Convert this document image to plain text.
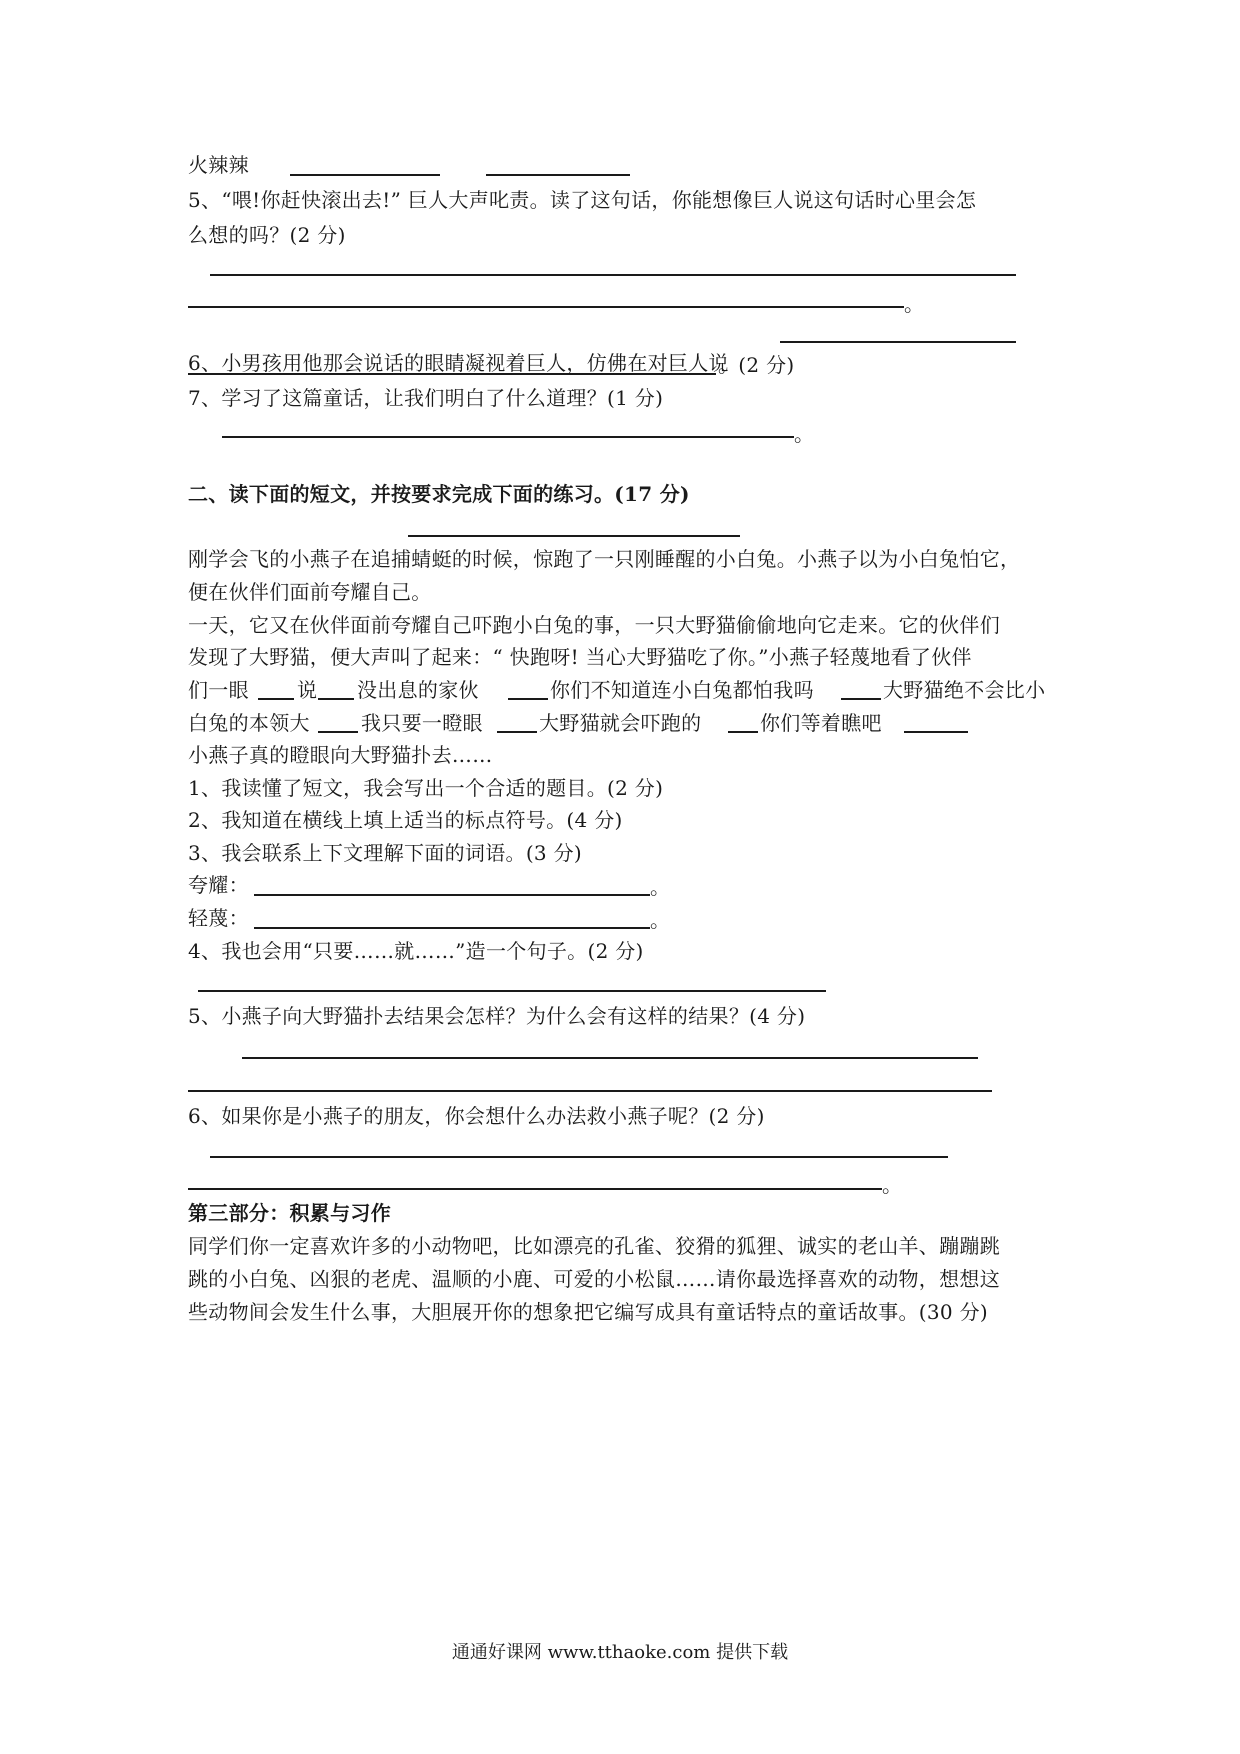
火辣辣
5、“喂!你赶快滚出去!” 巨人大声叱责。读了这句话，你能想像巨人说这句话时心里会怎
么想的吗？(2 分)
。
6、小男孩用他那会说话的眼睛凝视着巨人，仿佛在对巨人说
。(2 分)
7、学习了这篇童话，让我们明白了什么道理？(1 分)
。
二、读下面的短文，并按要求完成下面的练习。(17 分)
刚学会飞的小燕子在追捕蜻蜓的时候，惊跑了一只刚睡醒的小白兔。小燕子以为小白兔怕它，
便在伙伴们面前夸耀自己。
一天，它又在伙伴面前夸耀自己吓跑小白兔的事，一只大野猫偷偷地向它走来。它的伙伴们
发现了大野猫，便大声叫了起来：“ 快跑呀! 当心大野猫吃了你。”小燕子轻蔑地看了伙伴
们一眼 说 没出息的家伙	你们不知道连小白兔都怕我吗	大野猫绝不会比小
白兔的本领大	我只要一瞪眼	大野猫就会吓跑的	你们等着瞧吧
小燕子真的瞪眼向大野猫扑去……
1、我读懂了短文，我会写出一个合适的题目。(2 分)
2、我知道在横线上填上适当的标点符号。(4 分)
3、我会联系上下文理解下面的词语。(3 分)
夸耀：	。
轻蔑：	。
4、我也会用“只要……就……”造一个句子。(2 分)
5、小燕子向大野猫扑去结果会怎样？为什么会有这样的结果？(4 分)
6、如果你是小燕子的朋友，你会想什么办法救小燕子呢？(2 分)
。
第三部分：积累与习作
同学们你一定喜欢许多的小动物吧，比如漂亮的孔雀、狡猾的狐狸、诚实的老山羊、蹦蹦跳
跳的小白兔、凶狠的老虎、温顺的小鹿、可爱的小松鼠……请你最选择喜欢的动物，想想这
些动物间会发生什么事，大胆展开你的想象把它编写成具有童话特点的童话故事。(30 分)
通通好课网 www.tthaoke.com 提供下载
